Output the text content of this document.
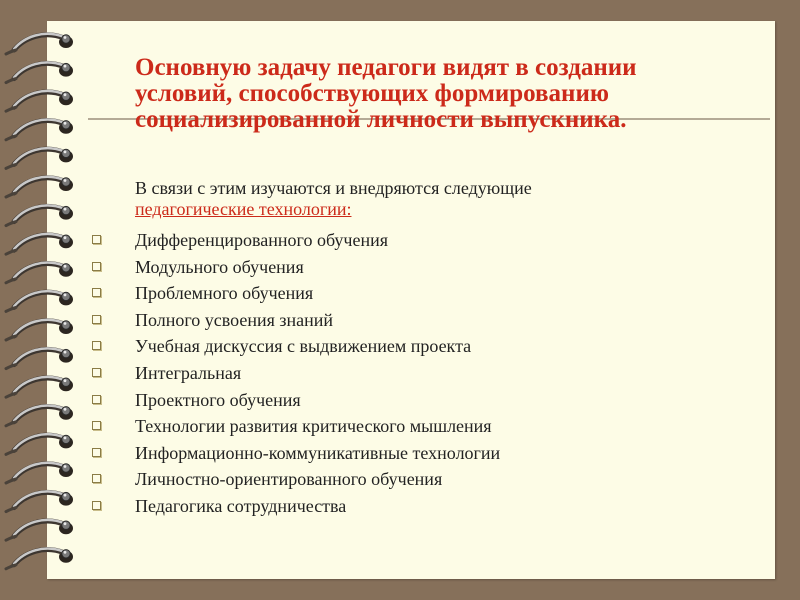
Основную задачу педагоги видят в создании условий, способствующих формированию социализированной личности выпускника.

В связи с этим изучаются и внедряются следующие
педагогические технологии:

Дифференцированного обучения
Модульного обучения
Проблемного обучения
Полного усвоения знаний
Учебная дискуссия с выдвижением проекта
Интегральная
Проектного обучения
Технологии развития критического мышления
Информационно-коммуникативные технологии
Личностно-ориентированного обучения
Педагогика сотрудничества
